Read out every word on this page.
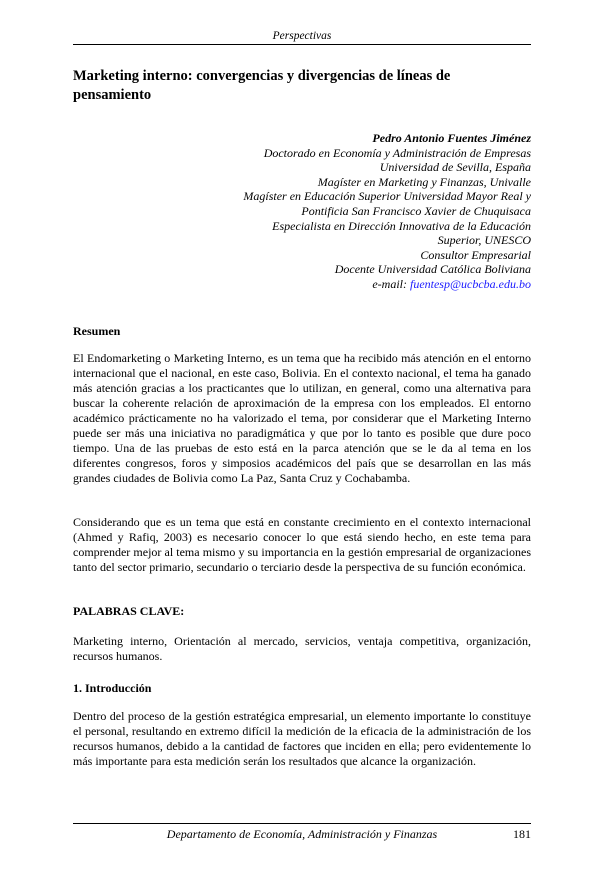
Perspectivas
Marketing interno: convergencias y divergencias de líneas de pensamiento
Pedro Antonio Fuentes Jiménez
Doctorado en Economía y Administración de Empresas
Universidad de Sevilla, España
Magíster en Marketing y Finanzas, Univalle
Magíster en Educación Superior Universidad Mayor Real y
Pontificia San Francisco Xavier de Chuquisaca
Especialista en Dirección Innovativa de la Educación
Superior, UNESCO
Consultor Empresarial
Docente Universidad Católica Boliviana
e-mail: fuentesp@ucbcba.edu.bo
Resumen
El Endomarketing o Marketing Interno, es un tema que ha recibido más atención en el entorno internacional que el nacional, en este caso, Bolivia. En el contexto nacional, el tema ha ganado más atención gracias a los practicantes que lo utilizan, en general, como una alternativa para buscar la coherente relación de aproximación de la empresa con los empleados. El entorno académico prácticamente no ha valorizado el tema, por considerar que el Marketing Interno puede ser más una iniciativa no paradigmática y que por lo tanto es posible que dure poco tiempo. Una de las pruebas de esto está en la parca atención que se le da al tema en los diferentes congresos, foros y simposios académicos del país que se desarrollan en las más grandes ciudades de Bolivia como La Paz, Santa Cruz y Cochabamba.
Considerando que es un tema que está en constante crecimiento en el contexto internacional (Ahmed y Rafiq, 2003) es necesario conocer lo que está siendo hecho, en este tema para comprender mejor al tema mismo y su importancia en la gestión empresarial de organizaciones tanto del sector primario, secundario o terciario desde la perspectiva de su función económica.
PALABRAS CLAVE:
Marketing interno, Orientación al mercado, servicios, ventaja competitiva, organización, recursos humanos.
1. Introducción
Dentro del proceso de la gestión estratégica empresarial, un elemento importante lo constituye el personal, resultando en extremo difícil la medición de la eficacia de la administración de los recursos humanos, debido a la cantidad de factores que inciden en ella; pero evidentemente lo más importante para esta medición serán los resultados que alcance la organización.
Departamento de Economía, Administración y Finanzas	181
